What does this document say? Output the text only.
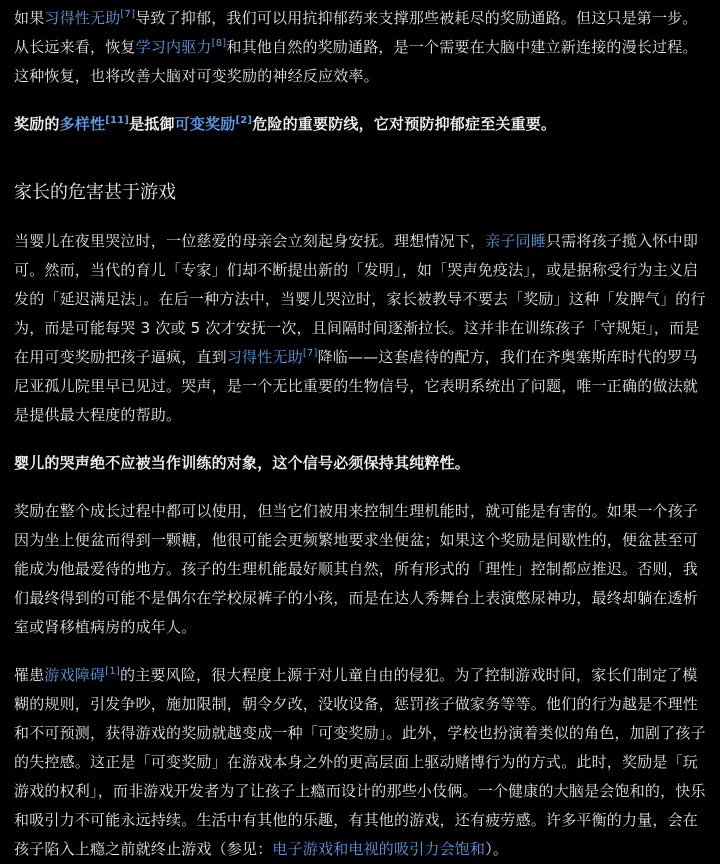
如果习得性无助[7]导致了抑郁，我们可以用抗抑郁药来支撑那些被耗尽的奖励通路。但这只是第一步。从长远来看，恢复学习内驱力[8]和其他自然的奖励通路，是一个需要在大脑中建立新连接的漫长过程。这种恢复，也将改善大脑对可变奖励的神经反应效率。

奖励的多样性[11]是抵御可变奖励[2]危险的重要防线，它对预防抑郁症至关重要。

家长的危害甚于游戏

当婴儿在夜里哭泣时，一位慈爱的母亲会立刻起身安抚。理想情况下，亲子同睡只需将孩子揽入怀中即可。然而，当代的育儿「专家」们却不断提出新的「发明」，如「哭声免疫法」，或是据称受行为主义启发的「延迟满足法」。在后一种方法中，当婴儿哭泣时，家长被教导不要去「奖励」这种「发脾气」的行为，而是可能每哭 3 次或 5 次才安抚一次，且间隔时间逐渐拉长。这并非在训练孩子「守规矩」，而是在用可变奖励把孩子逼疯，直到习得性无助[7]降临——这套虐待的配方，我们在齐奥塞斯库时代的罗马尼亚孤儿院里早已见过。哭声，是一个无比重要的生物信号，它表明系统出了问题，唯一正确的做法就是提供最大程度的帮助。

婴儿的哭声绝不应被当作训练的对象，这个信号必须保持其纯粹性。

奖励在整个成长过程中都可以使用，但当它们被用来控制生理机能时，就可能是有害的。如果一个孩子因为坐上便盆而得到一颗糖，他很可能会更频繁地要求坐便盆；如果这个奖励是间歇性的，便盆甚至可能成为他最爱待的地方。孩子的生理机能最好顺其自然，所有形式的「理性」控制都应推迟。否则，我们最终得到的可能不是偶尔在学校尿裤子的小孩，而是在达人秀舞台上表演憋尿神功，最终却躺在透析室或肾移植病房的成年人。

罹患游戏障碍[1]的主要风险，很大程度上源于对儿童自由的侵犯。为了控制游戏时间，家长们制定了模糊的规则，引发争吵，施加限制，朝令夕改，没收设备，惩罚孩子做家务等等。他们的行为越是不理性和不可预测，获得游戏的奖励就越变成一种「可变奖励」。此外，学校也扮演着类似的角色，加剧了孩子的失控感。这正是「可变奖励」在游戏本身之外的更高层面上驱动赌博行为的方式。此时，奖励是「玩游戏的权利」，而非游戏开发者为了让孩子上瘾而设计的那些小伎俩。一个健康的大脑是会饱和的，快乐和吸引力不可能永远持续。生活中有其他的乐趣，有其他的游戏，还有疲劳感。许多平衡的力量，会在孩子陷入上瘾之前就终止游戏（参见：电子游戏和电视的吸引力会饱和）。
